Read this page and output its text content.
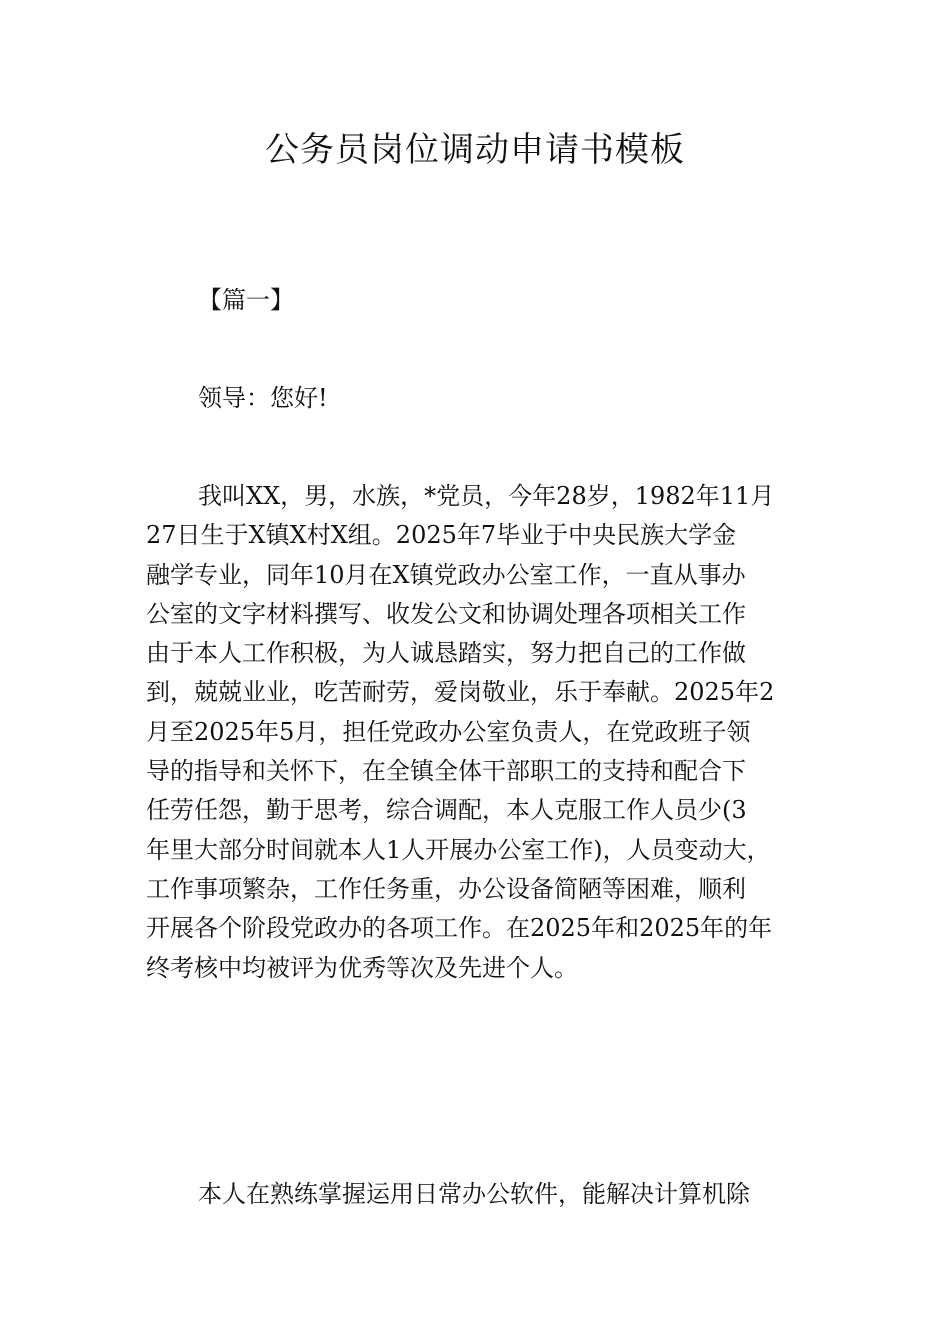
公务员岗位调动申请书模板
【篇一】
领导：您好!
我叫XX，男，水族，*党员，今年28岁，1982年11月
27日生于X镇X村X组。2025年7毕业于中央民族大学金
融学专业，同年10月在X镇党政办公室工作，一直从事办
公室的文字材料撰写、收发公文和协调处理各项相关工作
由于本人工作积极，为人诚恳踏实，努力把自己的工作做
到，兢兢业业，吃苦耐劳，爱岗敬业，乐于奉献。2025年2
月至2025年5月，担任党政办公室负责人，在党政班子领
导的指导和关怀下，在全镇全体干部职工的支持和配合下
任劳任怨，勤于思考，综合调配，本人克服工作人员少(3
年里大部分时间就本人1人开展办公室工作)，人员变动大，
工作事项繁杂，工作任务重，办公设备简陋等困难，顺利
开展各个阶段党政办的各项工作。在2025年和2025年的年
终考核中均被评为优秀等次及先进个人。
本人在熟练掌握运用日常办公软件，能解决计算机除
